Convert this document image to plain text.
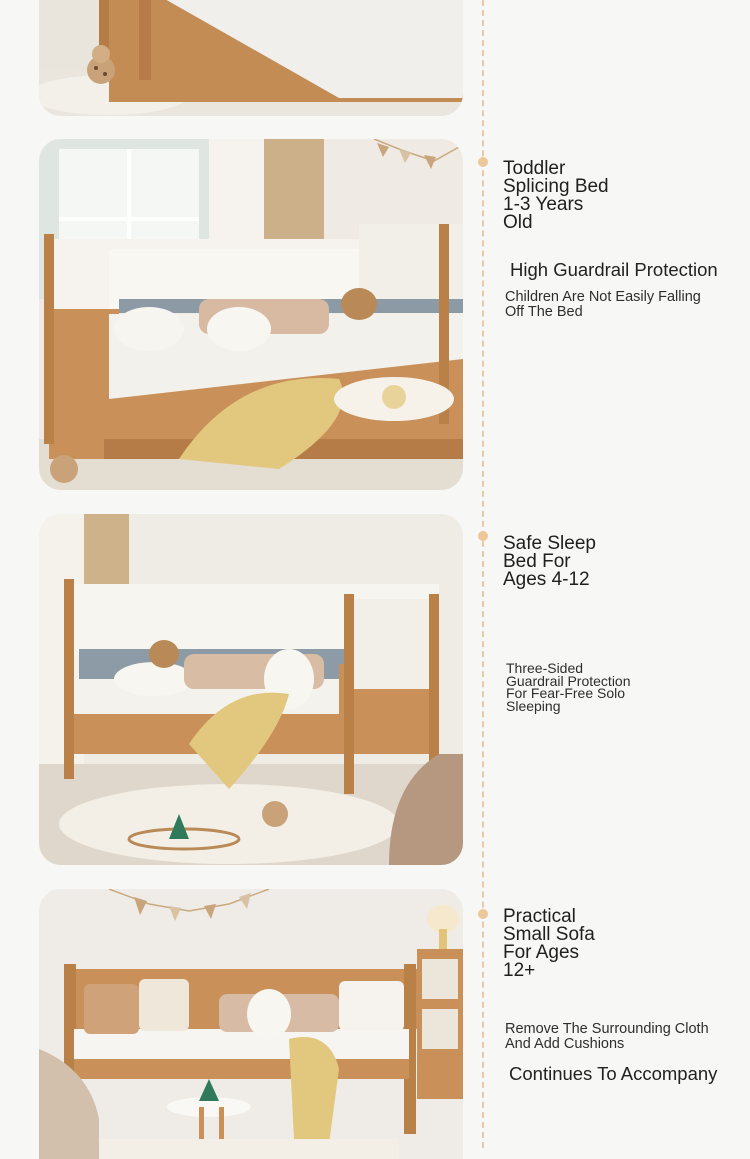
Toddler
Splicing Bed
1-3 Years
Old

High Guardrail Protection

Children Are Not Easily Falling
Off The Bed

Safe Sleep
Bed For
Ages 4-12

Three-Sided
Guardrail Protection
For Fear-Free Solo
Sleeping

Practical
Small Sofa
For Ages
12+

Remove The Surrounding Cloth
And Add Cushions

Continues To Accompany
